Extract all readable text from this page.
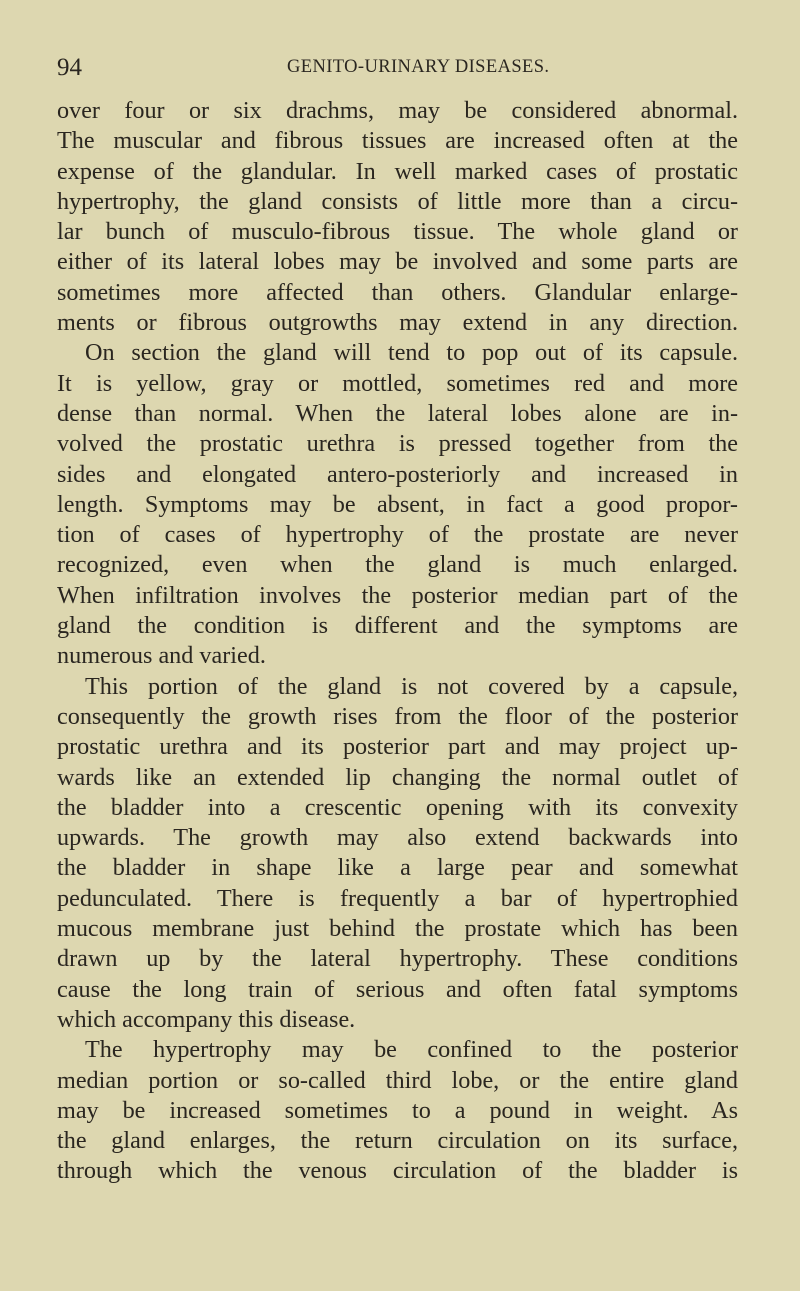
94	GENITO-URINARY DISEASES.
over four or six drachms, may be considered abnormal.
The muscular and fibrous tissues are increased often at the
expense of the glandular. In well marked cases of prostatic
hypertrophy, the gland consists of little more than a circu-
lar bunch of musculo-fibrous tissue. The whole gland or
either of its lateral lobes may be involved and some parts are
sometimes more affected than others. Glandular enlarge-
ments or fibrous outgrowths may extend in any direction.
On section the gland will tend to pop out of its capsule.
It is yellow, gray or mottled, sometimes red and more
dense than normal. When the lateral lobes alone are in-
volved the prostatic urethra is pressed together from the
sides and elongated antero-posteriorly and increased in
length. Symptoms may be absent, in fact a good propor-
tion of cases of hypertrophy of the prostate are never
recognized, even when the gland is much enlarged.
When infiltration involves the posterior median part of the
gland the condition is different and the symptoms are
numerous and varied.
This portion of the gland is not covered by a capsule,
consequently the growth rises from the floor of the posterior
prostatic urethra and its posterior part and may project up-
wards like an extended lip changing the normal outlet of
the bladder into a crescentic opening with its convexity
upwards. The growth may also extend backwards into
the bladder in shape like a large pear and somewhat
pedunculated. There is frequently a bar of hypertrophied
mucous membrane just behind the prostate which has been
drawn up by the lateral hypertrophy. These conditions
cause the long train of serious and often fatal symptoms
which accompany this disease.
The hypertrophy may be confined to the posterior
median portion or so-called third lobe, or the entire gland
may be increased sometimes to a pound in weight. As
the gland enlarges, the return circulation on its surface,
through which the venous circulation of the bladder is
